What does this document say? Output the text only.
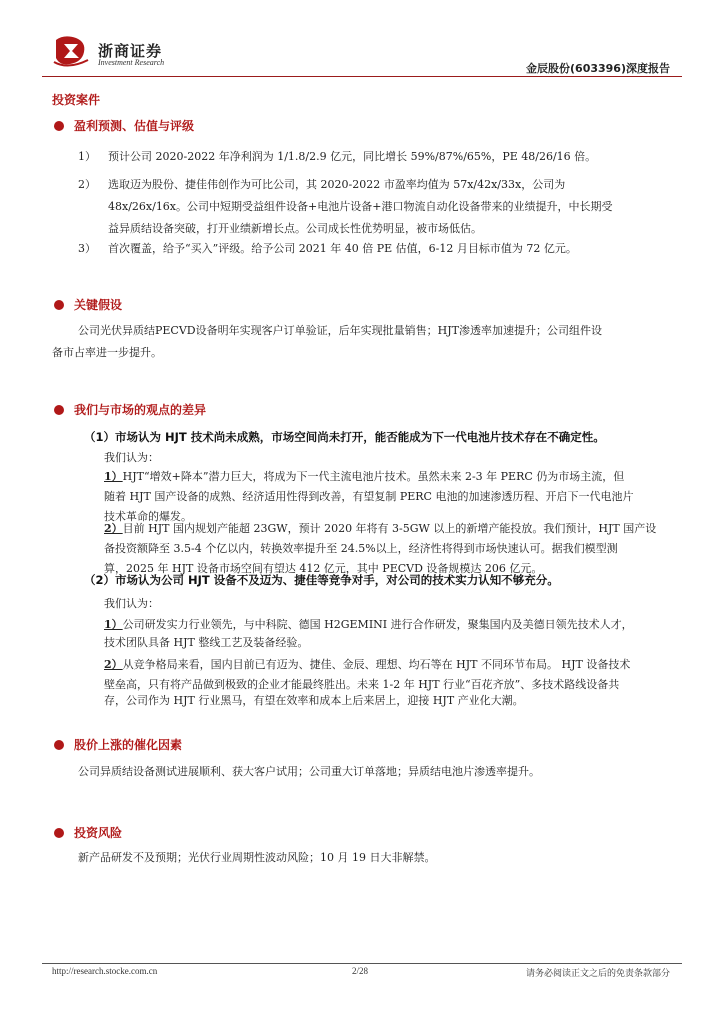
浙商证券
Investment Research	金辰股份(603396)深度报告
投资案件
盈利预测、估值与评级
1） 预计公司 2020-2022 年净利润为 1/1.8/2.9 亿元，同比增长 59%/87%/65%，PE 48/26/16 倍。
2） 选取迈为股份、捷佳伟创作为可比公司，其 2020-2022 市盈率均值为 57x/42x/33x，公司为
48x/26x/16x。公司中短期受益组件设备+电池片设备+港口物流自动化设备带来的业绩提升，中长期受
益异质结设备突破，打开业绩新增长点。公司成长性优势明显，被市场低估。
3） 首次覆盖，给予“买入”评级。给予公司 2021 年 40 倍 PE 估值，6-12 月目标市值为 72 亿元。
关键假设
公司光伏异质结PECVD设备明年实现客户订单验证，后年实现批量销售；HJT渗透率加速提升；公司组件设
备市占率进一步提升。
我们与市场的观点的差异
（1）市场认为 HJT 技术尚未成熟，市场空间尚未打开，能否能成为下一代电池片技术存在不确定性。
我们认为：
1）HJT“增效+降本”潜力巨大，将成为下一代主流电池片技术。虽然未来 2-3 年 PERC 仍为市场主流，但
随着 HJT 国产设备的成熟、经济适用性得到改善，有望复制 PERC 电池的加速渗透历程、开启下一代电池片
技术革命的爆发。
2）目前 HJT 国内规划产能超 23GW，预计 2020 年将有 3-5GW 以上的新增产能投放。我们预计，HJT 国产设
备投资额降至 3.5-4 个亿以内，转换效率提升至 24.5%以上，经济性将得到市场快速认可。据我们模型测
算，2025 年 HJT 设备市场空间有望达 412 亿元，其中 PECVD 设备规模达 206 亿元。
（2）市场认为公司 HJT 设备不及迈为、捷佳等竞争对手，对公司的技术实力认知不够充分。
我们认为：
1）公司研发实力行业领先，与中科院、德国 H2GEMINI 进行合作研发，聚集国内及美德日领先技术人才，
技术团队具备 HJT 整线工艺及装备经验。
2）从竞争格局来看，国内目前已有迈为、捷佳、金辰、理想、均石等在 HJT 不同环节布局。 HJT 设备技术
壁垒高，只有将产品做到极致的企业才能最终胜出。未来 1-2 年 HJT 行业“百花齐放”、多技术路线设备共
存，公司作为 HJT 行业黑马，有望在效率和成本上后来居上，迎接 HJT 产业化大潮。
股价上涨的催化因素
公司异质结设备测试进展顺利、获大客户试用；公司重大订单落地；异质结电池片渗透率提升。
投资风险
新产品研发不及预期；光伏行业周期性波动风险；10 月 19 日大非解禁。
http://research.stocke.com.cn	2/28	请务必阅读正文之后的免责条款部分
